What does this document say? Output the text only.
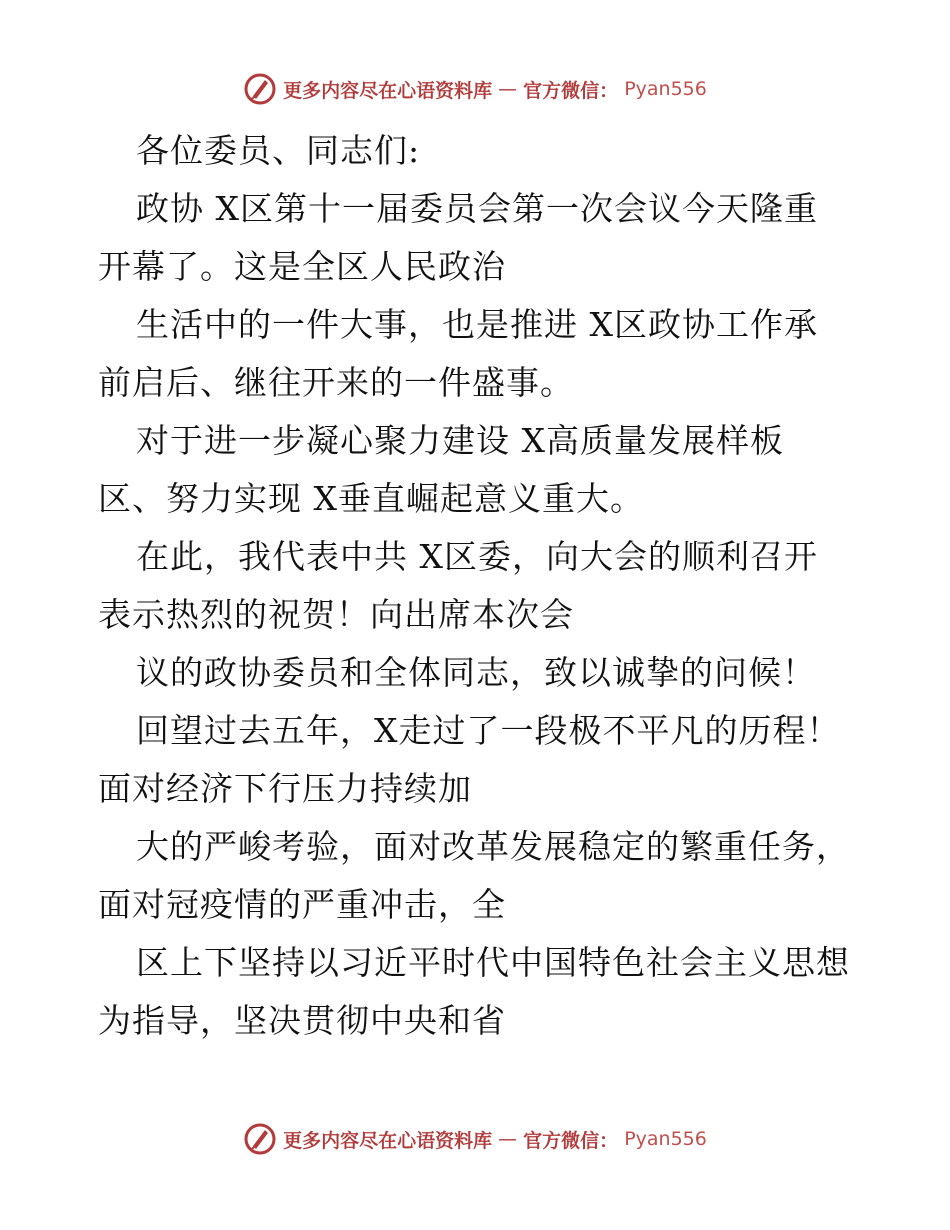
更多内容尽在心语资料库 — 官方微信： Pyan556
各位委员、同志们:
政协 X区第十一届委员会第一次会议今天隆重
开幕了。这是全区人民政治
生活中的一件大事，也是推进 X区政协工作承
前启后、继往开来的一件盛事。
对于进一步凝心聚力建设 X高质量发展样板
区、努力实现 X垂直崛起意义重大。
在此，我代表中共 X区委，向大会的顺利召开
表示热烈的祝贺！向出席本次会
议的政协委员和全体同志，致以诚挚的问候！
回望过去五年，X走过了一段极不平凡的历程！
面对经济下行压力持续加
大的严峻考验，面对改革发展稳定的繁重任务，
面对冠疫情的严重冲击，全
区上下坚持以习近平时代中国特色社会主义思想
为指导，坚决贯彻中央和省
更多内容尽在心语资料库 — 官方微信： Pyan556
